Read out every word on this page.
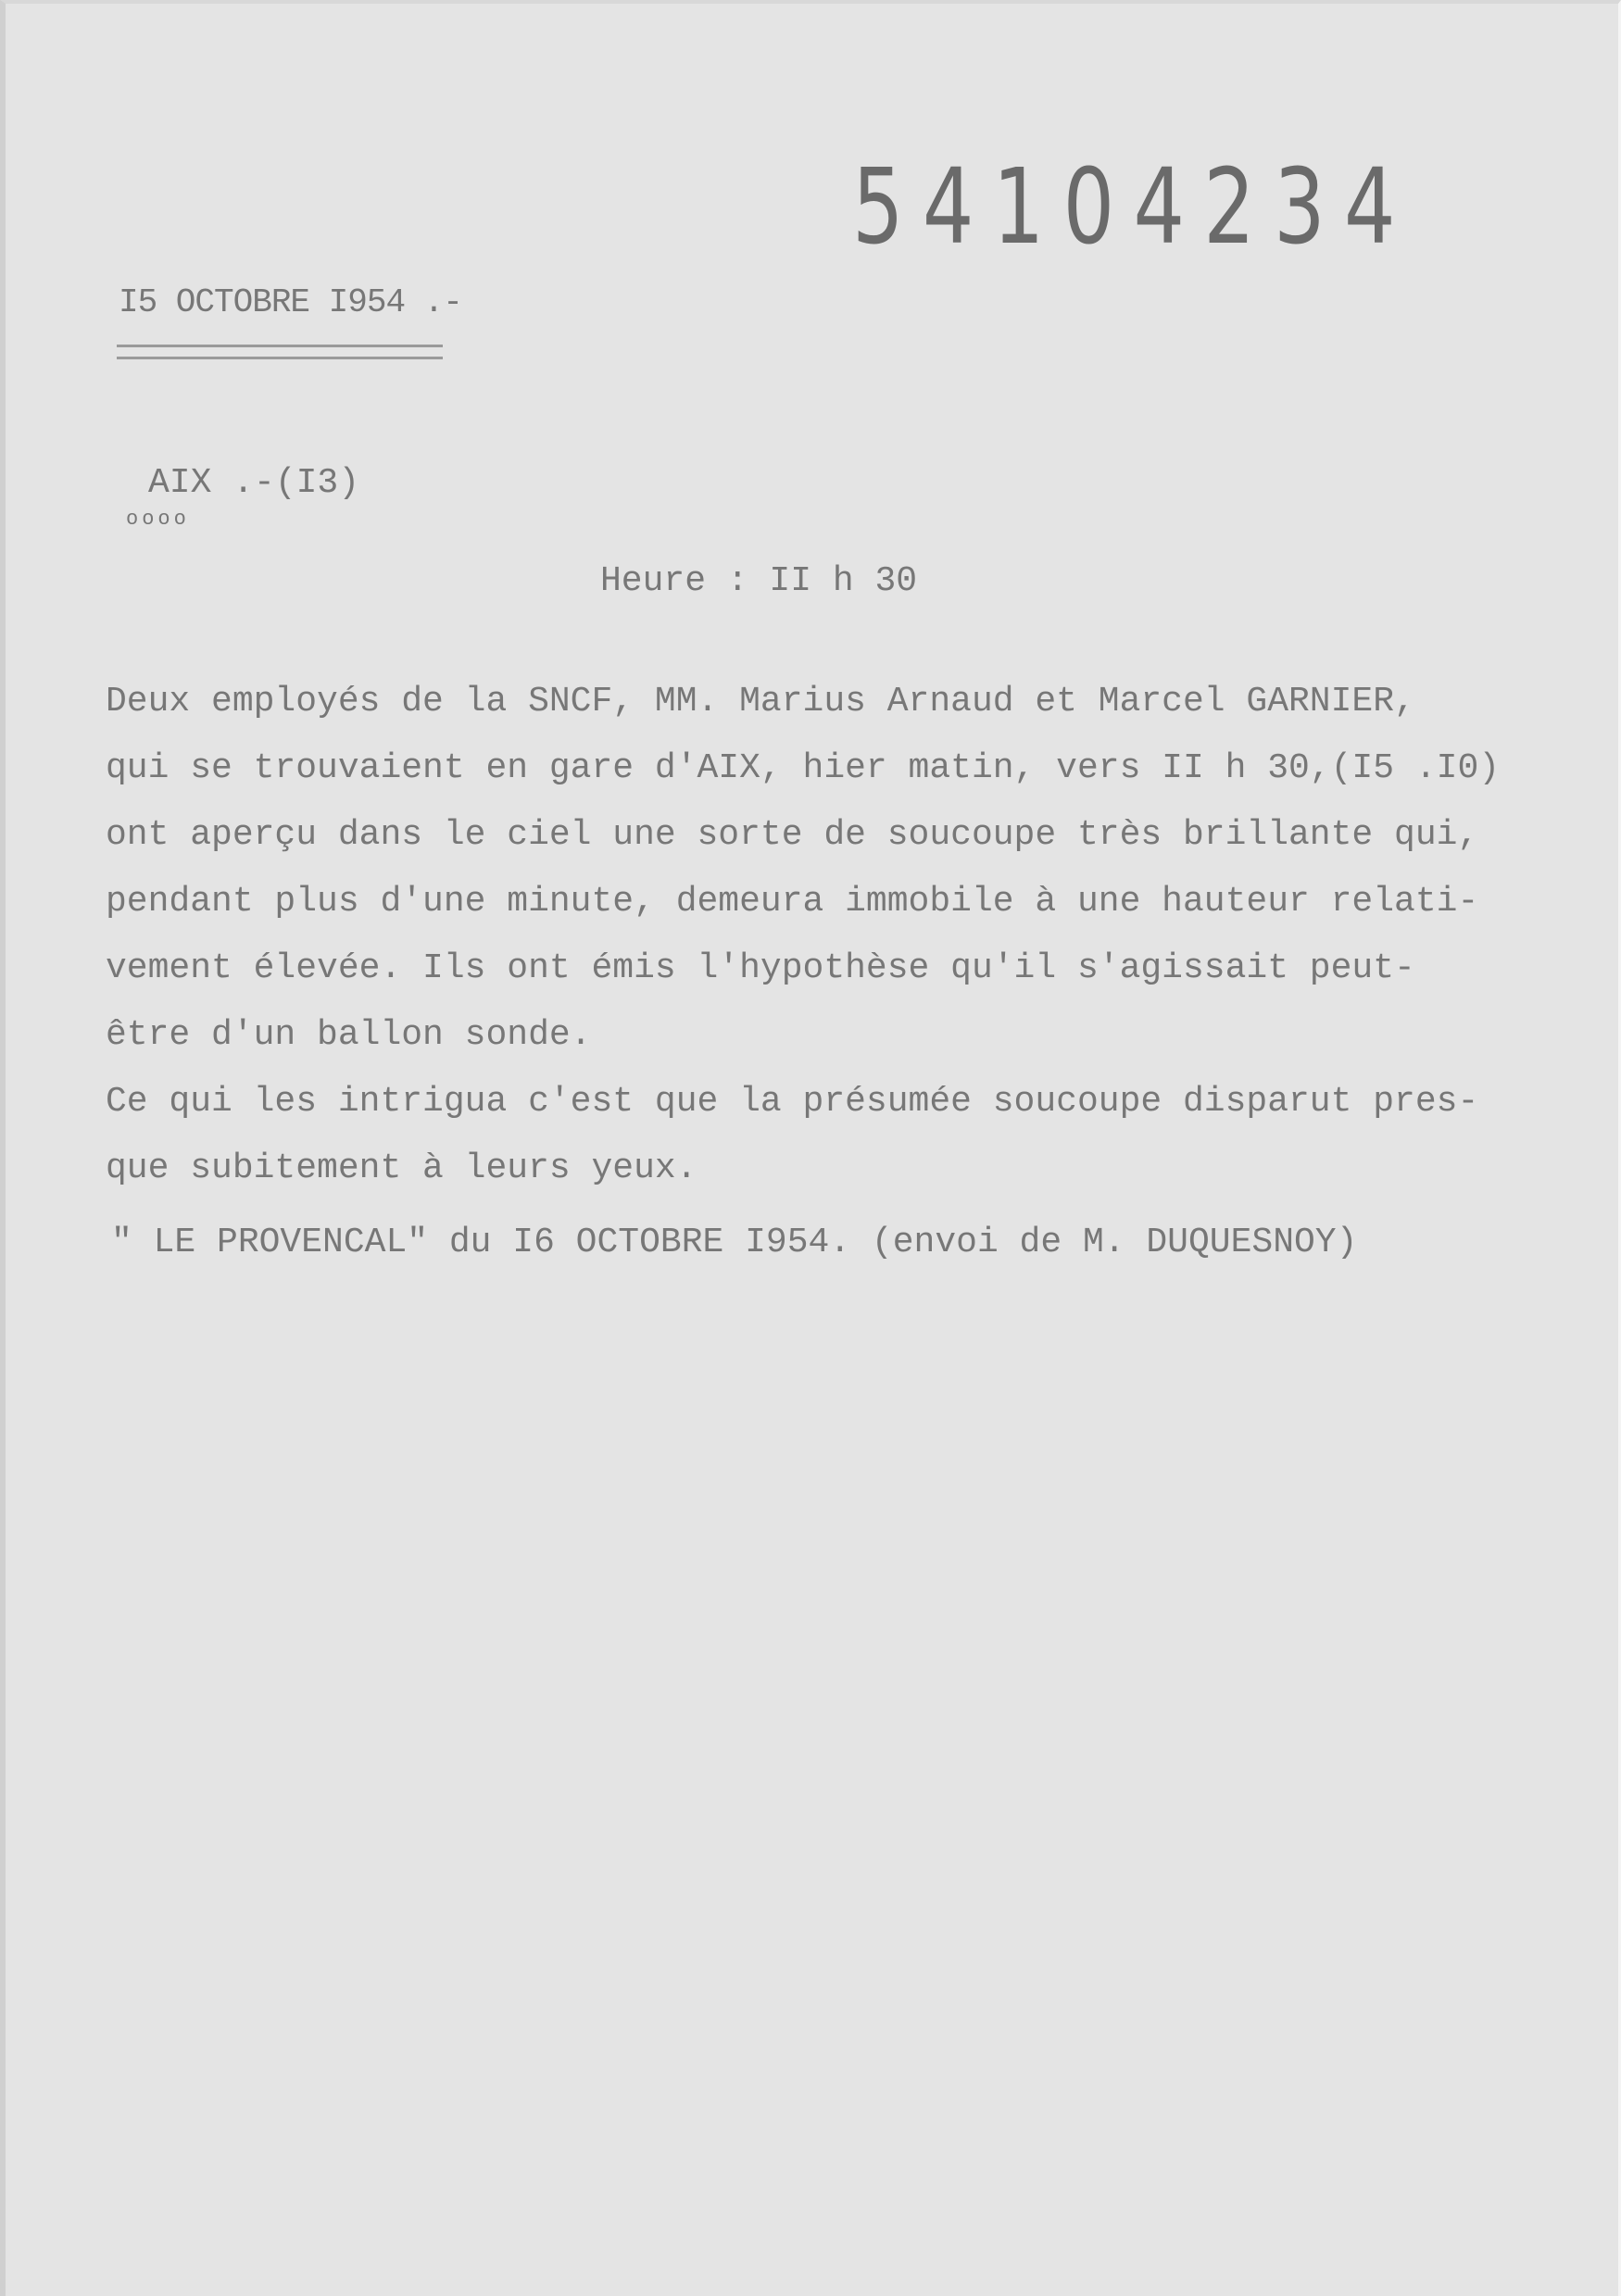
54104234
I5 OCTOBRE I954 .-
AIX .-(I3)
oooo
Heure : II h 30
Deux employés de la SNCF, MM. Marius Arnaud et Marcel GARNIER,
qui se trouvaient en gare d'AIX, hier matin, vers II h 30,(I5 .I0)
ont aperçu dans le ciel une sorte de soucoupe très brillante qui,
pendant plus d'une minute, demeura immobile à une hauteur relati-
vement élevée. Ils ont émis l'hypothèse qu'il s'agissait peut-
être d'un ballon sonde.
Ce qui les intrigua c'est que la présumée soucoupe disparut pres-
que subitement à leurs yeux.
" LE PROVENCAL" du I6 OCTOBRE I954. (envoi de M. DUQUESNOY)
